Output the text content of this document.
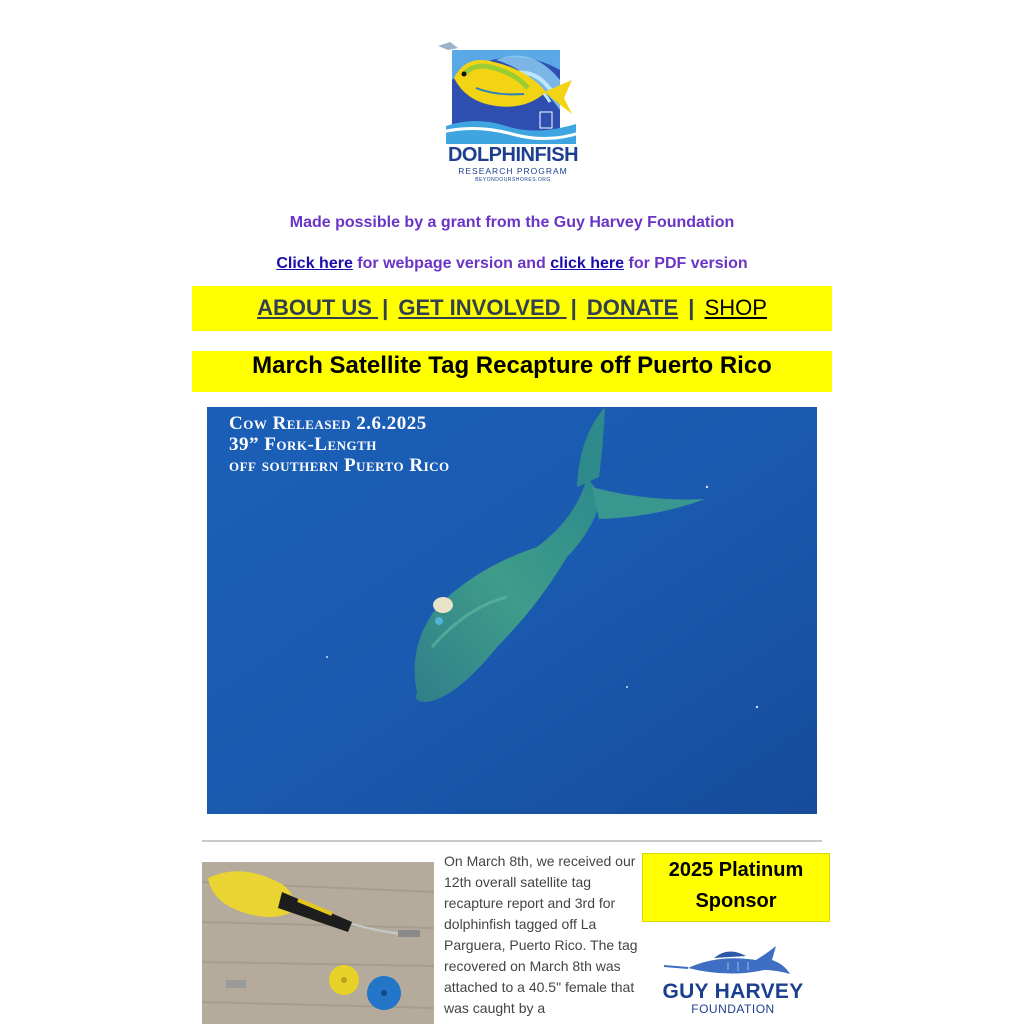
DOLPHINFISH
RESEARCH PROGRAM
BEYONDOURSHORES.ORG
Made possible by a grant from the Guy Harvey Foundation
Click here for webpage version and click here for PDF version
ABOUT US | GET INVOLVED | DONATE | SHOP
March Satellite Tag Recapture off Puerto Rico
Cow Released 2.6.2025
39” Fork-Length
off southern Puerto Rico
On March 8th, we received our 12th overall satellite tag recapture report and 3rd for dolphinfish tagged off La Parguera, Puerto Rico. The tag recovered on March 8th was attached to a 40.5" female that was caught by a
2025 Platinum Sponsor
GUY HARVEY
FOUNDATION
